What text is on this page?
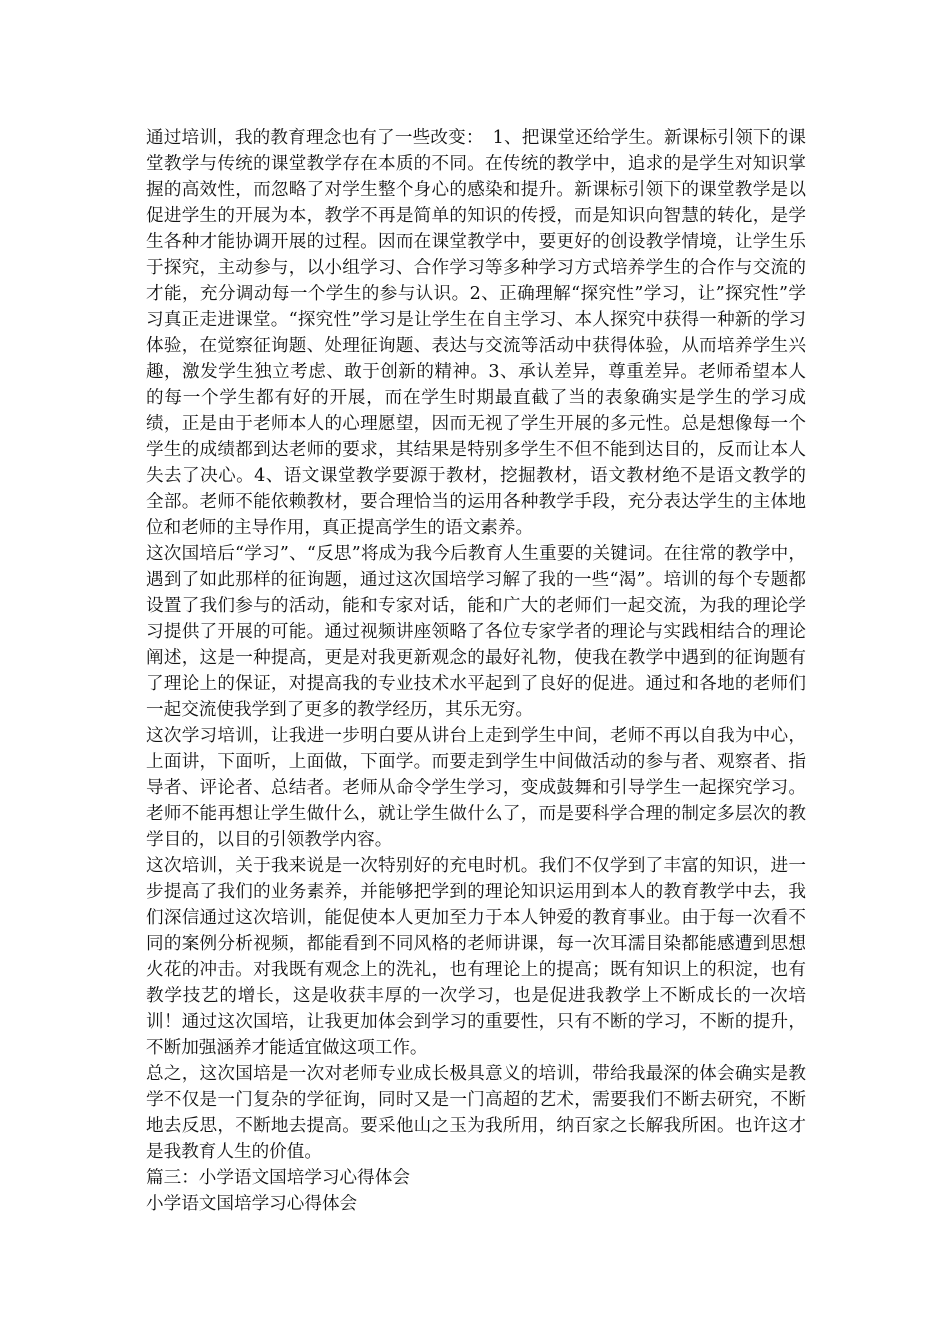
通过培训，我的教育理念也有了一些改变：　1、把课堂还给学生。新课标引领下的课堂教学与传统的课堂教学存在本质的不同。在传统的教学中，追求的是学生对知识掌握的高效性，而忽略了对学生整个身心的感染和提升。新课标引领下的课堂教学是以促进学生的开展为本，教学不再是简单的知识的传授，而是知识向智慧的转化，是学生各种才能协调开展的过程。因而在课堂教学中，要更好的创设教学情境，让学生乐于探究，主动参与，以小组学习、合作学习等多种学习方式培养学生的合作与交流的才能，充分调动每一个学生的参与认识。2、正确理解“探究性”学习，让”探究性”学习真正走进课堂。“探究性”学习是让学生在自主学习、本人探究中获得一种新的学习体验，在觉察征询题、处理征询题、表达与交流等活动中获得体验，从而培养学生兴趣，激发学生独立考虑、敢于创新的精神。3、承认差异，尊重差异。老师希望本人的每一个学生都有好的开展，而在学生时期最直截了当的表象确实是学生的学习成绩，正是由于老师本人的心理愿望，因而无视了学生开展的多元性。总是想像每一个学生的成绩都到达老师的要求，其结果是特别多学生不但不能到达目的，反而让本人失去了决心。4、语文课堂教学要源于教材，挖掘教材，语文教材绝不是语文教学的全部。老师不能依赖教材，要合理恰当的运用各种教学手段，充分表达学生的主体地位和老师的主导作用，真正提高学生的语文素养。

这次国培后“学习”、“反思”将成为我今后教育人生重要的关键词。在往常的教学中，遇到了如此那样的征询题，通过这次国培学习解了我的一些“渴”。培训的每个专题都设置了我们参与的活动，能和专家对话，能和广大的老师们一起交流，为我的理论学习提供了开展的可能。通过视频讲座领略了各位专家学者的理论与实践相结合的理论阐述，这是一种提高，更是对我更新观念的最好礼物，使我在教学中遇到的征询题有了理论上的保证，对提高我的专业技术水平起到了良好的促进。通过和各地的老师们一起交流使我学到了更多的教学经历，其乐无穷。

这次学习培训，让我进一步明白要从讲台上走到学生中间，老师不再以自我为中心，上面讲，下面听，上面做，下面学。而要走到学生中间做活动的参与者、观察者、指导者、评论者、总结者。老师从命令学生学习，变成鼓舞和引导学生一起探究学习。老师不能再想让学生做什么，就让学生做什么了，而是要科学合理的制定多层次的教学目的，以目的引领教学内容。

这次培训，关于我来说是一次特别好的充电时机。我们不仅学到了丰富的知识，进一步提高了我们的业务素养，并能够把学到的理论知识运用到本人的教育教学中去，我们深信通过这次培训，能促使本人更加至力于本人钟爱的教育事业。由于每一次看不同的案例分析视频，都能看到不同风格的老师讲课，每一次耳濡目染都能感遭到思想火花的冲击。对我既有观念上的洗礼，也有理论上的提高；既有知识上的积淀，也有教学技艺的增长，这是收获丰厚的一次学习，也是促进我教学上不断成长的一次培训！通过这次国培，让我更加体会到学习的重要性，只有不断的学习，不断的提升，不断加强涵养才能适宜做这项工作。

总之，这次国培是一次对老师专业成长极具意义的培训，带给我最深的体会确实是教学不仅是一门复杂的学征询，同时又是一门高超的艺术，需要我们不断去研究，不断地去反思，不断地去提高。要采他山之玉为我所用，纳百家之长解我所困。也许这才是我教育人生的价值。

篇三：小学语文国培学习心得体会

小学语文国培学习心得体会
